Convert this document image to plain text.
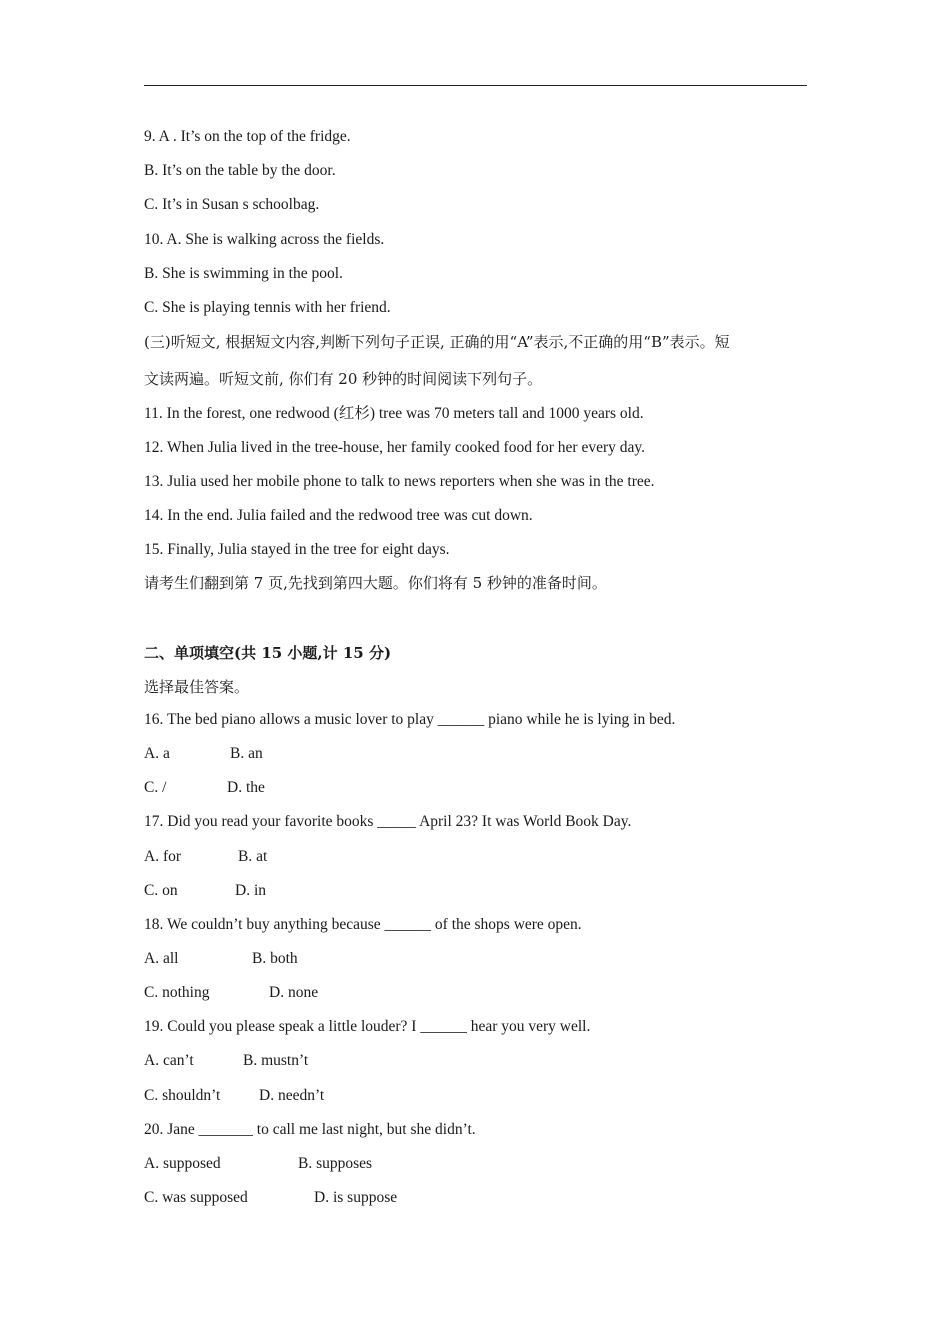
9. A . It’s on the top of the fridge.
B. It’s on the table by the door.
C. It’s in Susan s schoolbag.
10. A. She is walking across the fields.
B. She is swimming in the pool.
C. She is playing tennis with her friend.
(三)听短文, 根据短文内容,判断下列句子正误, 正确的用“A”表示,不正确的用“B”表示。短
文读两遍。听短文前, 你们有 20 秒钟的时间阅读下列句子。
11. In the forest, one redwood (红杉) tree was 70 meters tall and 1000 years old.
12. When Julia lived in the tree-house, her family cooked food for her every day.
13. Julia used her mobile phone to talk to news reporters when she was in the tree.
14. In the end. Julia failed and the redwood tree was cut down.
15. Finally, Julia stayed in the tree for eight days.
请考生们翻到第 7 页,先找到第四大题。你们将有 5 秒钟的准备时间。
二、单项填空(共 15 小题,计 15 分)
选择最佳答案。
16. The bed piano allows a music lover to play ______ piano while he is lying in bed.
A. a	B. an
C. /	D. the
17. Did you read your favorite books _____ April 23? It was World Book Day.
A. for	B. at
C. on	D. in
18. We couldn’t buy anything because ______ of the shops were open.
A. all	B. both
C. nothing	D. none
19. Could you please speak a little louder? I ______ hear you very well.
A. can’t	B. mustn’t
C. shouldn’t D. needn’t
20. Jane _______ to call me last night, but she didn’t.
A. supposed	B. supposes
C. was supposed	D. is suppose
